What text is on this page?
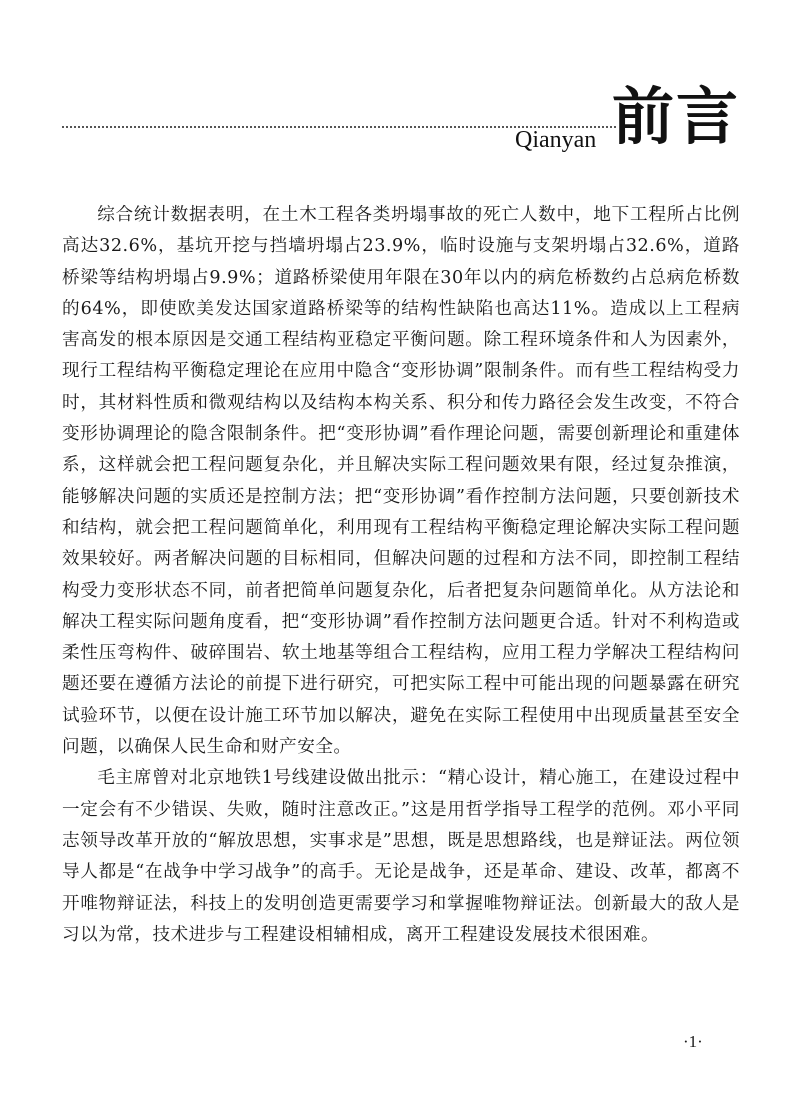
Qianyan 前言

综合统计数据表明，在土木工程各类坍塌事故的死亡人数中，地下工程所占比例高达32.6%，基坑开挖与挡墙坍塌占23.9%，临时设施与支架坍塌占32.6%，道路桥梁等结构坍塌占9.9%；道路桥梁使用年限在30年以内的病危桥数约占总病危桥数的64%，即使欧美发达国家道路桥梁等的结构性缺陷也高达11%。造成以上工程病害高发的根本原因是交通工程结构亚稳定平衡问题。除工程环境条件和人为因素外，现行工程结构平衡稳定理论在应用中隐含“变形协调”限制条件。而有些工程结构受力时，其材料性质和微观结构以及结构本构关系、积分和传力路径会发生改变，不符合变形协调理论的隐含限制条件。把“变形协调”看作理论问题，需要创新理论和重建体系，这样就会把工程问题复杂化，并且解决实际工程问题效果有限，经过复杂推演，能够解决问题的实质还是控制方法；把“变形协调”看作控制方法问题，只要创新技术和结构，就会把工程问题简单化，利用现有工程结构平衡稳定理论解决实际工程问题效果较好。两者解决问题的目标相同，但解决问题的过程和方法不同，即控制工程结构受力变形状态不同，前者把简单问题复杂化，后者把复杂问题简单化。从方法论和解决工程实际问题角度看，把“变形协调”看作控制方法问题更合适。针对不利构造或柔性压弯构件、破碎围岩、软土地基等组合工程结构，应用工程力学解决工程结构问题还要在遵循方法论的前提下进行研究，可把实际工程中可能出现的问题暴露在研究试验环节，以便在设计施工环节加以解决，避免在实际工程使用中出现质量甚至安全问题，以确保人民生命和财产安全。

毛主席曾对北京地铁1号线建设做出批示：“精心设计，精心施工，在建设过程中一定会有不少错误、失败，随时注意改正。”这是用哲学指导工程学的范例。邓小平同志领导改革开放的“解放思想，实事求是”思想，既是思想路线，也是辩证法。两位领导人都是“在战争中学习战争”的高手。无论是战争，还是革命、建设、改革，都离不开唯物辩证法，科技上的发明创造更需要学习和掌握唯物辩证法。创新最大的敌人是习以为常，技术进步与工程建设相辅相成，离开工程建设发展技术很困难。

·1·
